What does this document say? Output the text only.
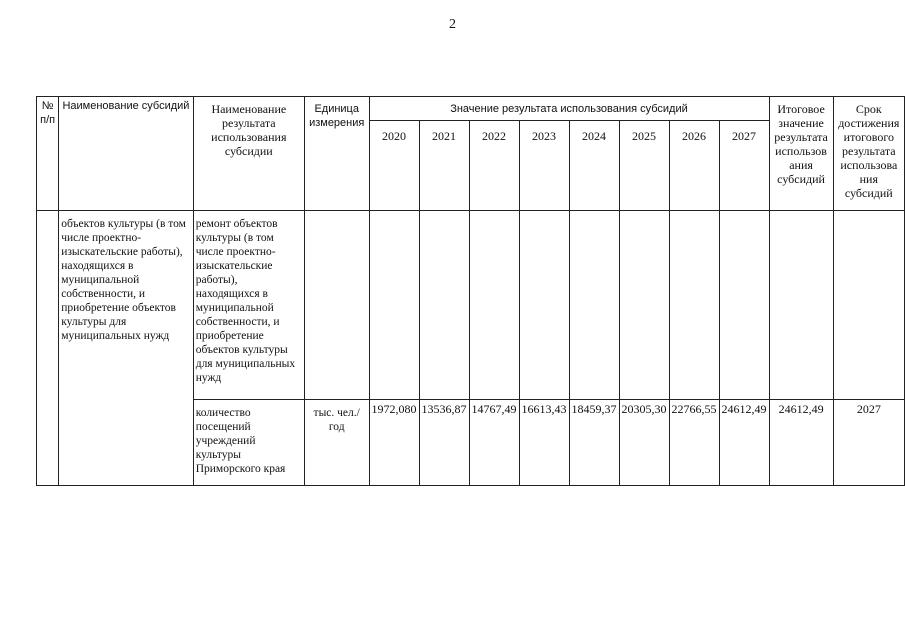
2
№ п/п	Наименование субсидий	Наименование результата использования субсидии	Единица измерения	Значение результата использования субсидий								Итоговое значение результата использов ания субсидий	Срок достижения итогового результата использова ния субсидий
				2020	2021	2022	2023	2024	2025	2026	2027		
	объектов культуры (в том числе проектно-изыскательские работы), находящихся в муниципальной собственности, и приобретение объектов культуры для муниципальных нужд	ремонт объектов культуры (в том числе проектно-изыскательские работы), находящихся в муниципальной собственности, и приобретение объектов культуры для муниципальных нужд											
		количество посещений учреждений культуры Приморского края	тыс. чел./год	1972,080	13536,87	14767,49	16613,43	18459,37	20305,30	22766,55	24612,49	24612,49	2027
